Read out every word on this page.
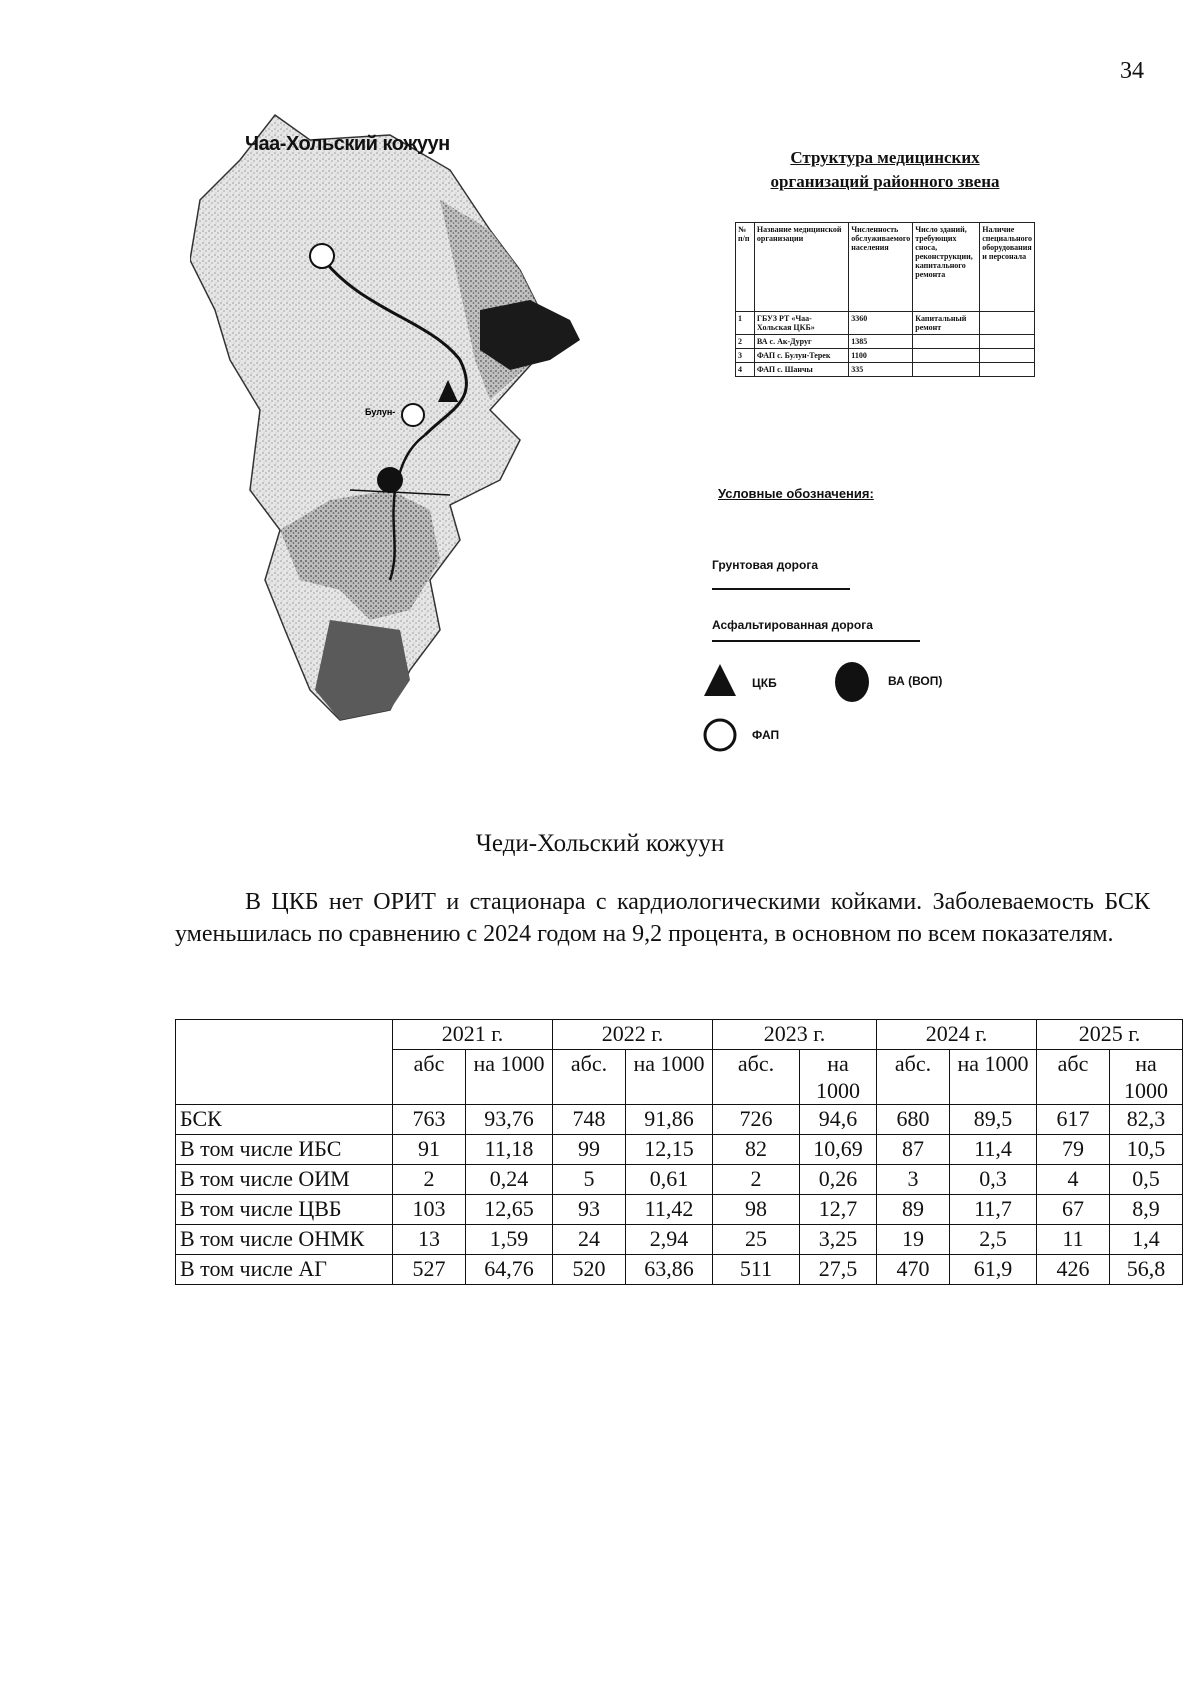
34
Булун-
Чаа-Хольский кожуун
Структура медицинских
организаций районного звена
№ п/п	Название медицинской организации	Численность обслуживаемого населения	Число зданий, требующих сноса, реконструкции, капитального ремонта	Наличие специального оборудования и персонала
1	ГБУЗ РТ «Чаа-Хольская ЦКБ»	3360	Капитальный ремонт	
2	ВА с. Ак-Дуруг	1385		
3	ФАП с. Булун-Терек	1100		
4	ФАП с. Шанчы	335		
Условные обозначения:
Грунтовая дорога
Асфальтированная дорога
ЦКБ	ВА (ВОП)
ФАП
Чеди-Хольский кожуун
В ЦКБ нет ОРИТ и стационара с кардиологическими койками. Заболеваемость БСК уменьшилась по сравнению с 2024 годом на 9,2 процента, в основном по всем показателям.
	2021 г.		2022 г.		2023 г.		2024 г.		2025 г.	
	абс	на 1000	абс.	на 1000	абс.	на 1000	абс.	на 1000	абс	на 1000
БСК	763	93,76	748	91,86	726	94,6	680	89,5	617	82,3
В том числе ИБС	91	11,18	99	12,15	82	10,69	87	11,4	79	10,5
В том числе ОИМ	2	0,24	5	0,61	2	0,26	3	0,3	4	0,5
В том числе ЦВБ	103	12,65	93	11,42	98	12,7	89	11,7	67	8,9
В том числе ОНМК	13	1,59	24	2,94	25	3,25	19	2,5	11	1,4
В том числе АГ	527	64,76	520	63,86	511	27,5	470	61,9	426	56,8
